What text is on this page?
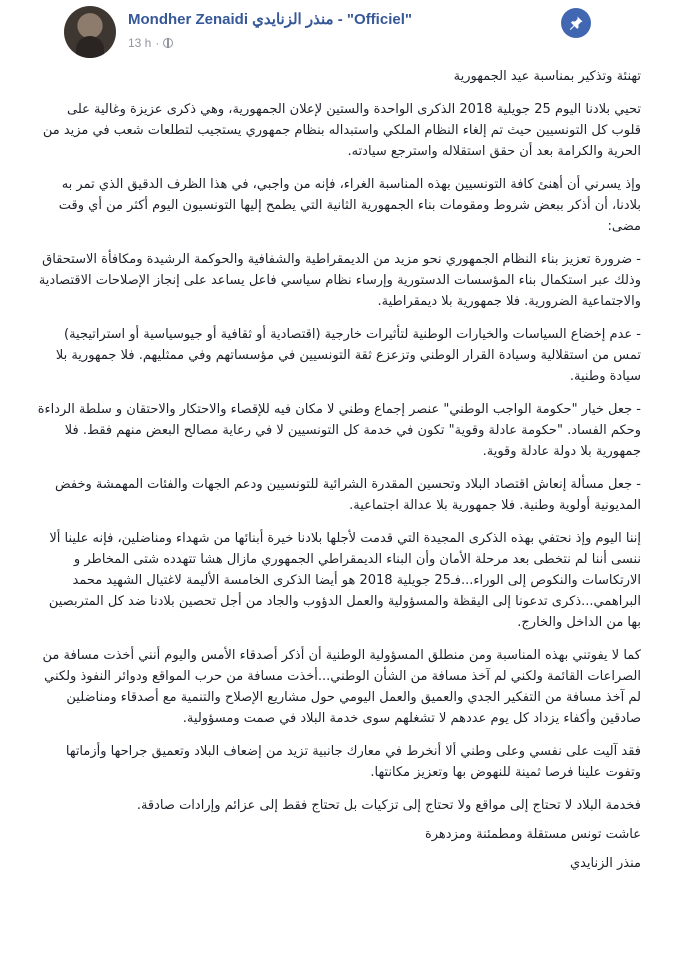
Mondher Zenaidi منذر الزنايدي - "Officiel"
13 h ·

تهنئة وتذكير بمناسبة عيد الجمهورية

تحيي بلادنا اليوم 25 جويلية 2018 الذكرى الواحدة والستين لإعلان الجمهورية، وهي ذكرى عزيزة وغالية على قلوب كل التونسيين حيث تم إلغاء النظام الملكي واستبداله بنظام جمهوري يستجيب لتطلعات شعب في مزيد من الحرية والكرامة بعد أن حقق استقلاله واسترجع سيادته.

وإذ يسرني أن أهنئ كافة التونسيين بهذه المناسبة الغراء، فإنه من واجبي، في هذا الظرف الدقيق الذي تمر به بلادنا، أن أذكر ببعض شروط ومقومات بناء الجمهورية الثانية التي يطمح إليها التونسيون اليوم أكثر من أي وقت مضى:

- ضرورة تعزيز بناء النظام الجمهوري نحو مزيد من الديمقراطية والشفافية والحوكمة الرشيدة ومكافأة الاستحقاق وذلك عبر استكمال بناء المؤسسات الدستورية وإرساء نظام سياسي فاعل يساعد على إنجاز الإصلاحات الاقتصادية والاجتماعية الضرورية. فلا جمهورية بلا ديمقراطية.

- عدم إخضاع السياسات والخيارات الوطنية لتأثيرات خارجية (اقتصادية أو ثقافية أو جيوسياسية أو استراتيجية) تمس من استقلالية وسيادة القرار الوطني وتزعزع ثقة التونسيين في مؤسساتهم وفي ممثليهم. فلا جمهورية بلا سيادة وطنية.

- جعل خيار "حكومة الواجب الوطني" عنصر إجماع وطني لا مكان فيه للإقصاء والاحتكار والاحتقان و سلطة الرداءة وحكم الفساد. "حكومة عادلة وقوية" تكون في خدمة كل التونسيين لا في رعاية مصالح البعض منهم فقط. فلا جمهورية بلا دولة عادلة وقوية.

- جعل مسألة إنعاش اقتصاد البلاد وتحسين المقدرة الشرائية للتونسيين ودعم الجهات والفئات المهمشة وخفض المديونية أولوية وطنية. فلا جمهورية بلا عدالة اجتماعية.

إننا اليوم وإذ نحتفي بهذه الذكرى المجيدة التي قدمت لأجلها بلادنا خيرة أبنائها من شهداء ومناضلين، فإنه علينا ألا ننسى أننا لم نتخطى بعد مرحلة الأمان وأن البناء الديمقراطي الجمهوري مازال هشا تتهدده شتى المخاطر و الارتكاسات والنكوص إلى الوراء...فـ25 جويلية 2018 هو أيضا الذكرى الخامسة الأليمة لاغتيال الشهيد محمد البراهمي...ذكرى تدعونا إلى اليقظة والمسؤولية والعمل الدؤوب والجاد من أجل تحصين بلادنا ضد كل المتربصين بها من الداخل والخارج.

كما لا يفوتني بهذه المناسبة ومن منطلق المسؤولية الوطنية أن أذكر أصدقاء الأمس واليوم أنني أخذت مسافة من الصراعات القائمة ولكني لم آخذ مسافة من الشأن الوطني...أخذت مسافة من حرب المواقع ودوائر النفوذ ولكني لم آخذ مسافة من التفكير الجدي والعميق والعمل اليومي حول مشاريع الإصلاح والتنمية مع أصدقاء ومناضلين صادقين وأكفاء يزداد كل يوم عددهم لا تشغلهم سوى خدمة البلاد في صمت ومسؤولية.

فقد آليت على نفسي وعلى وطني ألا أنخرط في معارك جانبية تزيد من إضعاف البلاد وتعميق جراحها وأزماتها وتفوت علينا فرصا ثمينة للنهوض بها وتعزيز مكانتها.

فخدمة البلاد لا تحتاج إلى مواقع ولا تحتاج إلى تزكيات بل تحتاج فقط إلى عزائم وإرادات صادقة.

عاشت تونس مستقلة ومطمئنة ومزدهرة

منذر الزنايدي
